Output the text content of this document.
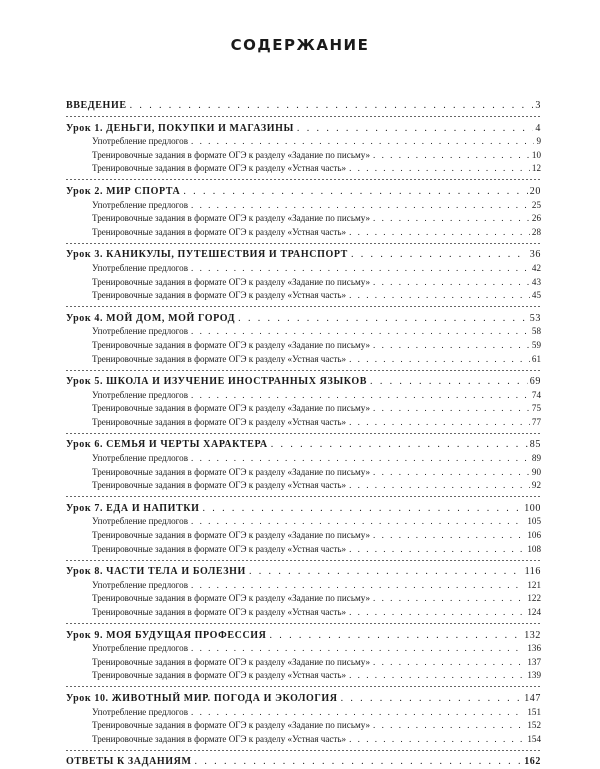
СОДЕРЖАНИЕ
ВВЕДЕНИЕ . . .	3
Урок 1. ДЕНЬГИ, ПОКУПКИ И МАГАЗИНЫ . . .	4
Употребление предлогов . . .	9
Тренировочные задания в формате ОГЭ к разделу «Задание по письму» . . .	10
Тренировочные задания в формате ОГЭ к разделу «Устная часть» . . .	12
Урок 2. МИР СПОРТА . . .	20
Употребление предлогов . . .	25
Тренировочные задания в формате ОГЭ к разделу «Задание по письму» . . .	26
Тренировочные задания в формате ОГЭ к разделу «Устная часть» . . .	28
Урок 3. КАНИКУЛЫ, ПУТЕШЕСТВИЯ И ТРАНСПОРТ . . .	36
Употребление предлогов . . .	42
Тренировочные задания в формате ОГЭ к разделу «Задание по письму» . . .	43
Тренировочные задания в формате ОГЭ к разделу «Устная часть» . . .	45
Урок 4. МОЙ ДОМ, МОЙ ГОРОД . . .	53
Употребление предлогов . . .	58
Тренировочные задания в формате ОГЭ к разделу «Задание по письму» . . .	59
Тренировочные задания в формате ОГЭ к разделу «Устная часть» . . .	61
Урок 5. ШКОЛА И ИЗУЧЕНИЕ ИНОСТРАННЫХ ЯЗЫКОВ . . .	69
Употребление предлогов . . .	74
Тренировочные задания в формате ОГЭ к разделу «Задание по письму» . . .	75
Тренировочные задания в формате ОГЭ к разделу «Устная часть» . . .	77
Урок 6. СЕМЬЯ И ЧЕРТЫ ХАРАКТЕРА . . .	85
Употребление предлогов . . .	89
Тренировочные задания в формате ОГЭ к разделу «Задание по письму» . . .	90
Тренировочные задания в формате ОГЭ к разделу «Устная часть» . . .	92
Урок 7. ЕДА И НАПИТКИ . . .	100
Употребление предлогов . . .	105
Тренировочные задания в формате ОГЭ к разделу «Задание по письму» . . .	106
Тренировочные задания в формате ОГЭ к разделу «Устная часть» . . .	108
Урок 8. ЧАСТИ ТЕЛА И БОЛЕЗНИ . . .	116
Употребление предлогов . . .	121
Тренировочные задания в формате ОГЭ к разделу «Задание по письму» . . .	122
Тренировочные задания в формате ОГЭ к разделу «Устная часть» . . .	124
Урок 9. МОЯ БУДУЩАЯ ПРОФЕССИЯ . . .	132
Употребление предлогов . . .	136
Тренировочные задания в формате ОГЭ к разделу «Задание по письму» . . .	137
Тренировочные задания в формате ОГЭ к разделу «Устная часть» . . .	139
Урок 10. ЖИВОТНЫЙ МИР. ПОГОДА И ЭКОЛОГИЯ . . .	147
Употребление предлогов . . .	151
Тренировочные задания в формате ОГЭ к разделу «Задание по письму» . . .	152
Тренировочные задания в формате ОГЭ к разделу «Устная часть» . . .	154
ОТВЕТЫ К ЗАДАНИЯМ . . .	162
